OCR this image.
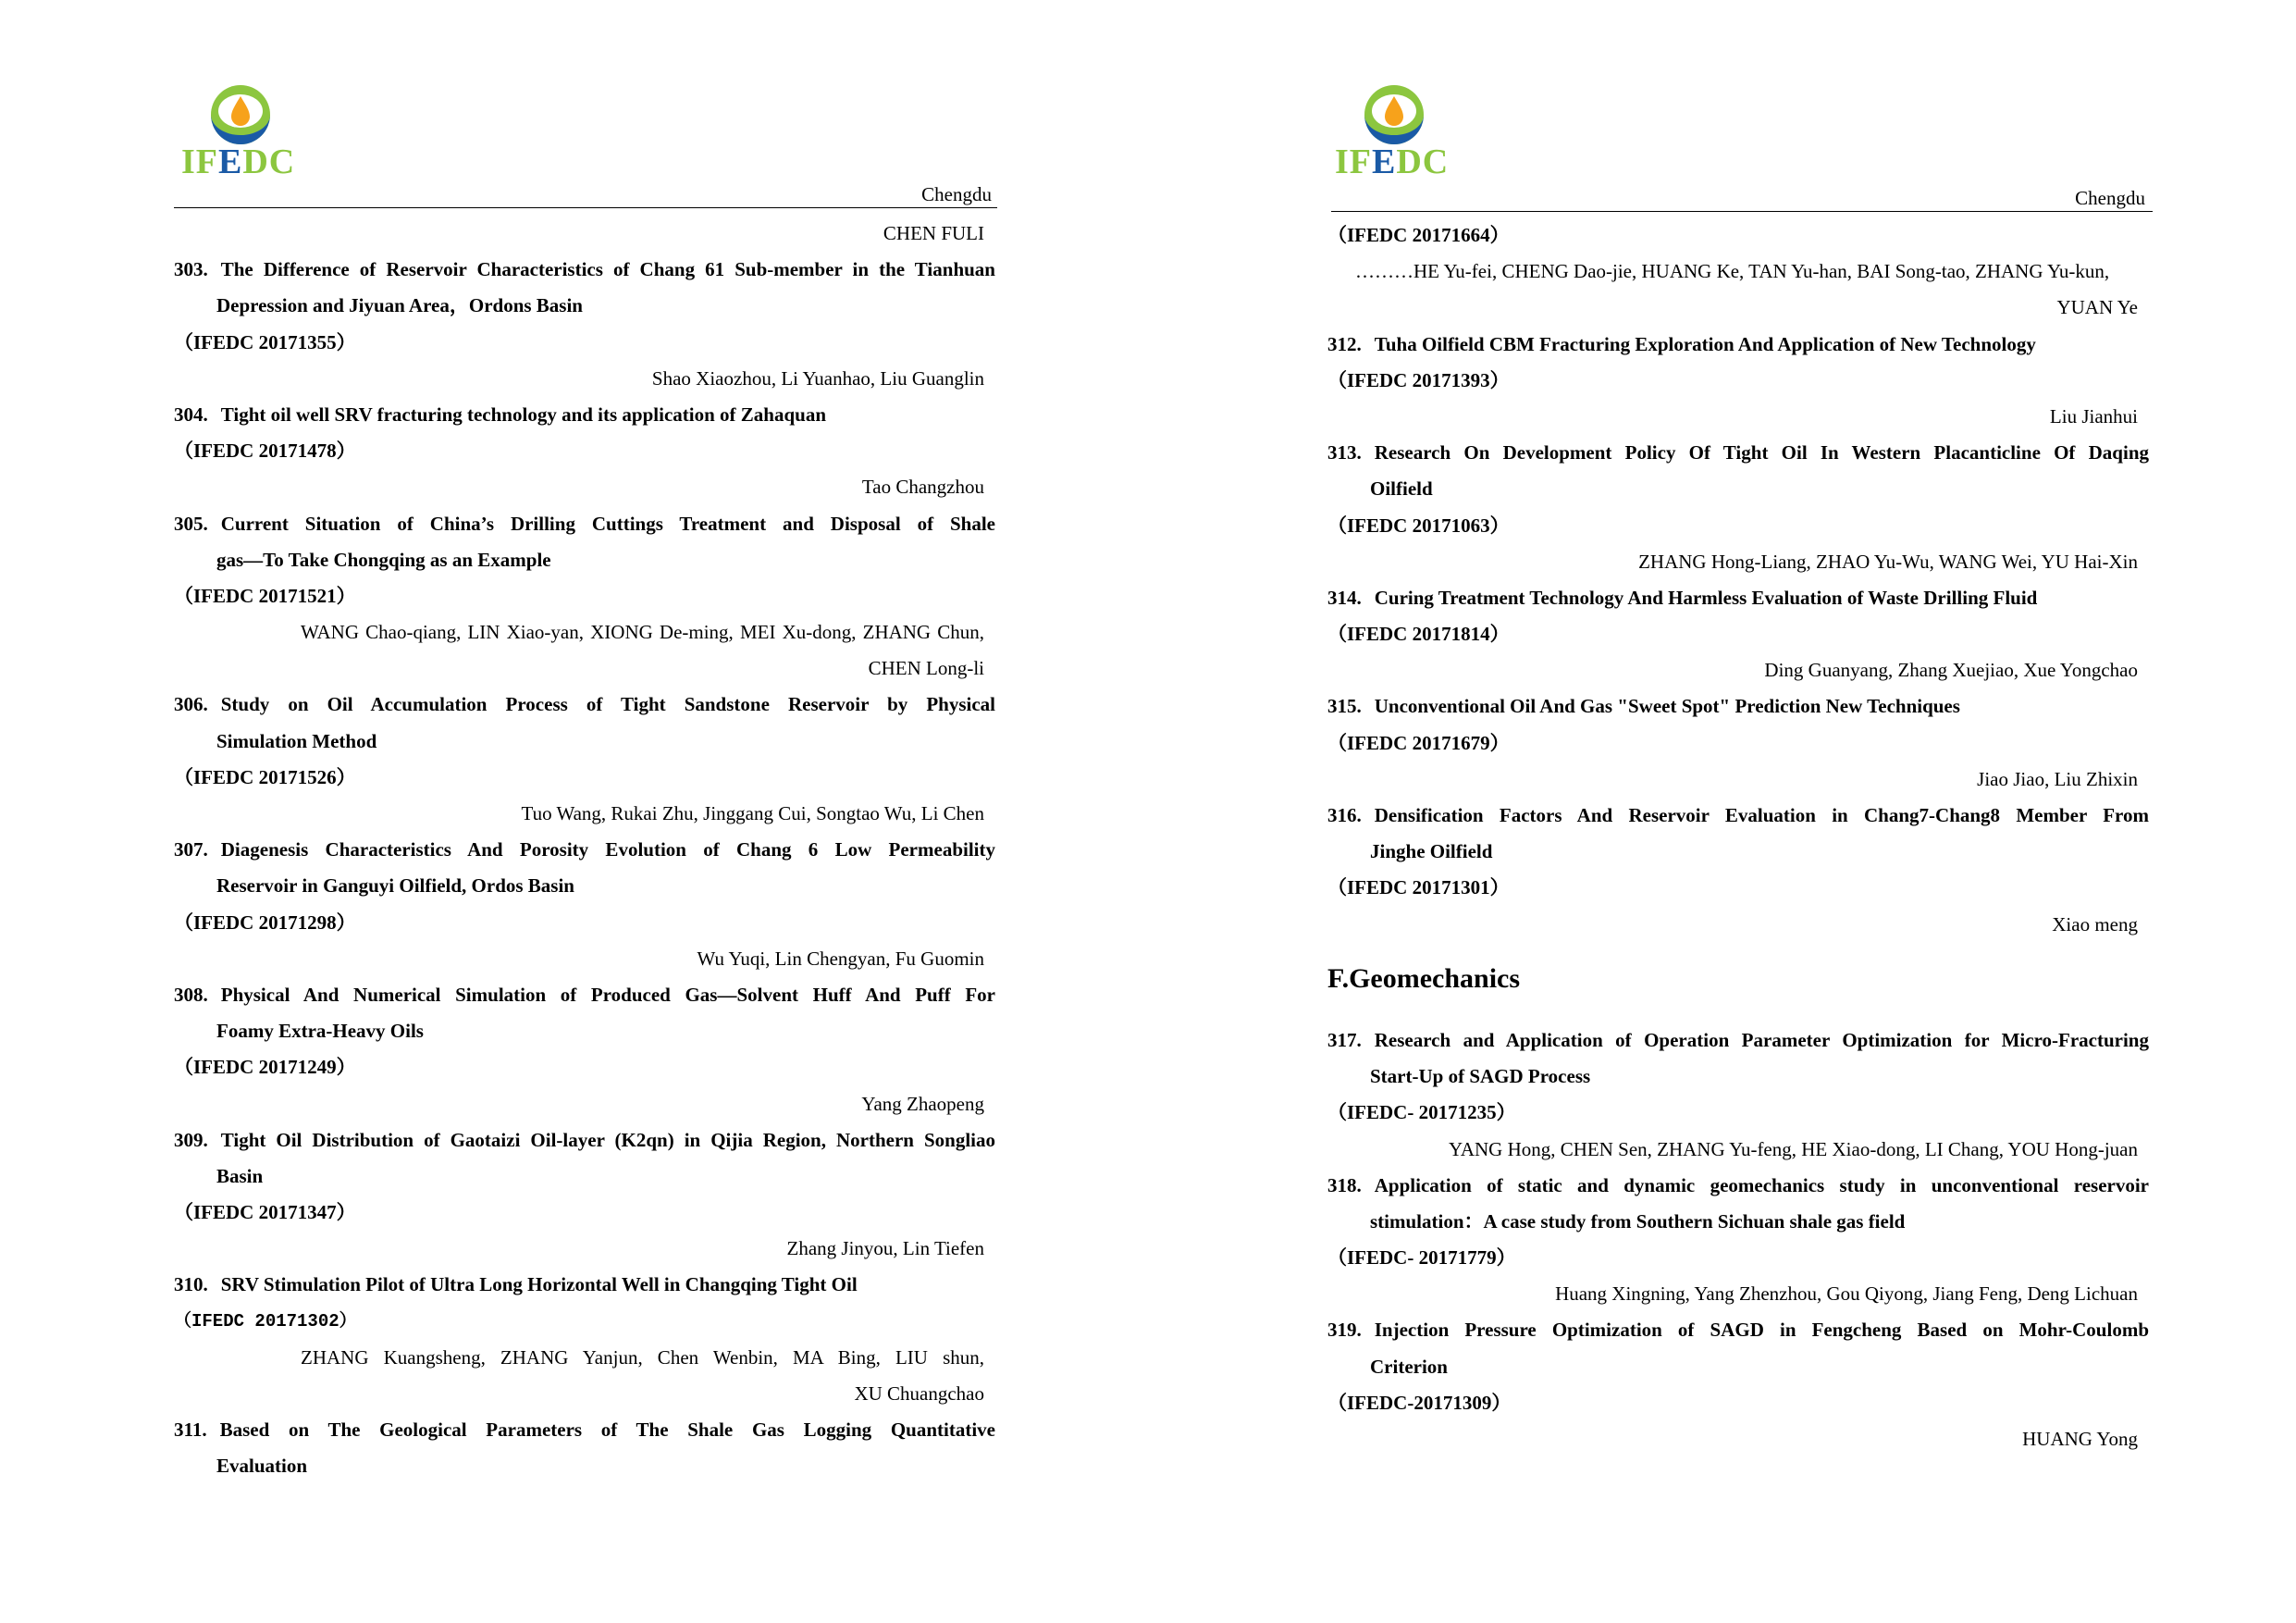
IFEDC
Chengdu
CHEN FULI
303. The Difference of Reservoir Characteristics of Chang 61 Sub-member in the Tianhuan
Depression and Jiyuan Area，Ordons Basin
（IFEDC 20171355）
Shao Xiaozhou, Li Yuanhao, Liu Guanglin
304. Tight oil well SRV fracturing technology and its application of Zahaquan
（IFEDC 20171478）
Tao Changzhou
305. Current Situation of China’s Drilling Cuttings Treatment and Disposal of Shale
gas—To Take Chongqing as an Example
（IFEDC 20171521）
WANG Chao-qiang, LIN Xiao-yan, XIONG De-ming, MEI Xu-dong, ZHANG Chun,
CHEN Long-li
306. Study on Oil Accumulation Process of Tight Sandstone Reservoir by Physical
Simulation Method
（IFEDC 20171526）
Tuo Wang, Rukai Zhu, Jinggang Cui, Songtao Wu, Li Chen
307. Diagenesis Characteristics And Porosity Evolution of Chang 6 Low Permeability
Reservoir in Ganguyi Oilfield, Ordos Basin
（IFEDC 20171298）
Wu Yuqi, Lin Chengyan, Fu Guomin
308. Physical And Numerical Simulation of Produced Gas—Solvent Huff And Puff For
Foamy Extra-Heavy Oils
（IFEDC 20171249）
Yang Zhaopeng
309. Tight Oil Distribution of Gaotaizi Oil-layer (K2qn) in Qijia Region, Northern Songliao
Basin
（IFEDC 20171347）
Zhang Jinyou, Lin Tiefen
310. SRV Stimulation Pilot of Ultra Long Horizontal Well in Changqing Tight Oil
（IFEDC 20171302）
ZHANG Kuangsheng, ZHANG Yanjun, Chen Wenbin, MA Bing, LIU shun,
XU Chuangchao
311. Based on The Geological Parameters of The Shale Gas Logging Quantitative
Evaluation
IFEDC
Chengdu
（IFEDC 20171664）
………HE Yu-fei, CHENG Dao-jie, HUANG Ke, TAN Yu-han, BAI Song-tao, ZHANG Yu-kun,
YUAN Ye
312. Tuha Oilfield CBM Fracturing Exploration And Application of New Technology
（IFEDC 20171393）
Liu Jianhui
313. Research On Development Policy Of Tight Oil In Western Placanticline Of Daqing
Oilfield
（IFEDC 20171063）
ZHANG Hong-Liang, ZHAO Yu-Wu, WANG Wei, YU Hai-Xin
314. Curing Treatment Technology And Harmless Evaluation of Waste Drilling Fluid
（IFEDC 20171814）
Ding Guanyang, Zhang Xuejiao, Xue Yongchao
315. Unconventional Oil And Gas "Sweet Spot" Prediction New Techniques
（IFEDC 20171679）
Jiao Jiao, Liu Zhixin
316. Densification Factors And Reservoir Evaluation in Chang7-Chang8 Member From
Jinghe Oilfield
（IFEDC 20171301）
Xiao meng
F.Geomechanics
317. Research and Application of Operation Parameter Optimization for Micro-Fracturing
Start-Up of SAGD Process
（IFEDC- 20171235）
YANG Hong, CHEN Sen, ZHANG Yu-feng, HE Xiao-dong, LI Chang, YOU Hong-juan
318. Application of static and dynamic geomechanics study in unconventional reservoir
stimulation：A case study from Southern Sichuan shale gas field
（IFEDC- 20171779）
Huang Xingning, Yang Zhenzhou, Gou Qiyong, Jiang Feng, Deng Lichuan
319. Injection Pressure Optimization of SAGD in Fengcheng Based on Mohr-Coulomb
Criterion
（IFEDC-20171309）
HUANG Yong
